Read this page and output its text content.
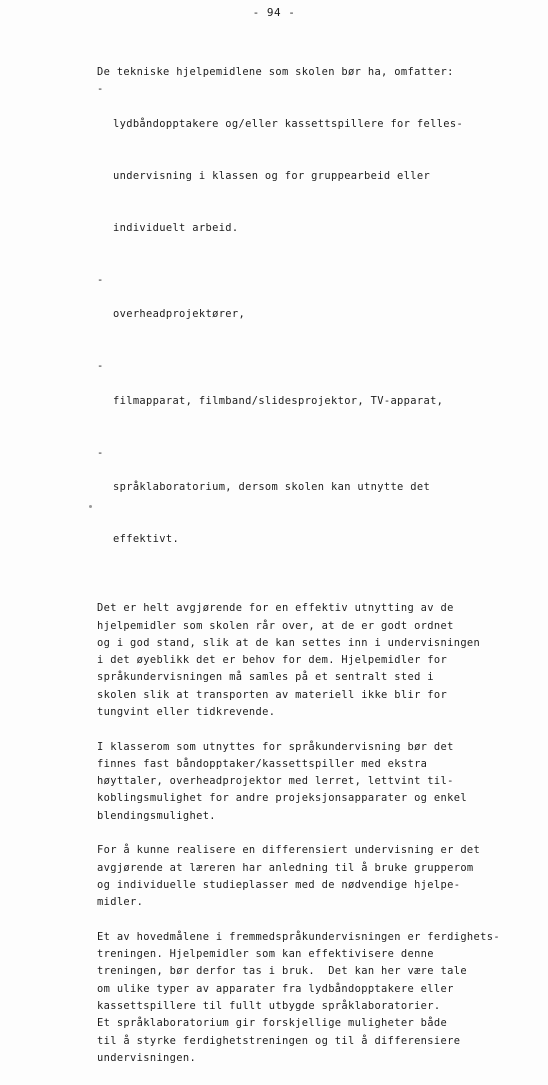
- 94 -
De tekniske hjelpemidlene som skolen bør ha, omfatter:
-

lydbåndopptakere og/eller kassettspillere for felles-

undervisning i klassen og for gruppearbeid eller

individuelt arbeid.

-

overheadprojektører,

-

filmapparat, filmband/slidesprojektor, TV-apparat,

-

språklaboratorium, dersom skolen kan utnytte det

effektivt.

Det er helt avgjørende for en effektiv utnytting av de
hjelpemidler som skolen rår over, at de er godt ordnet
og i god stand, slik at de kan settes inn i undervisningen
i det øyeblikk det er behov for dem. Hjelpemidler for
språkundervisningen må samles på et sentralt sted i
skolen slik at transporten av materiell ikke blir for
tungvint eller tidkrevende.
I klasserom som utnyttes for språkundervisning bør det
finnes fast båndopptaker/kassettspiller med ekstra
høyttaler, overheadprojektor med lerret, lettvint til-
koblingsmulighet for andre projeksjonsapparater og enkel
blendingsmulighet.
For å kunne realisere en differensiert undervisning er det
avgjørende at læreren har anledning til å bruke grupperom
og individuelle studieplasser med de nødvendige hjelpe-
midler.
Et av hovedmålene i fremmedspråkundervisningen er ferdighets-
treningen. Hjelpemidler som kan effektivisere denne
treningen, bør derfor tas i bruk.  Det kan her være tale
om ulike typer av apparater fra lydbåndopptakere eller
kassettspillere til fullt utbygde språklaboratorier.
Et språklaboratorium gir forskjellige muligheter både
til å styrke ferdighetstreningen og til å differensiere
undervisningen.
